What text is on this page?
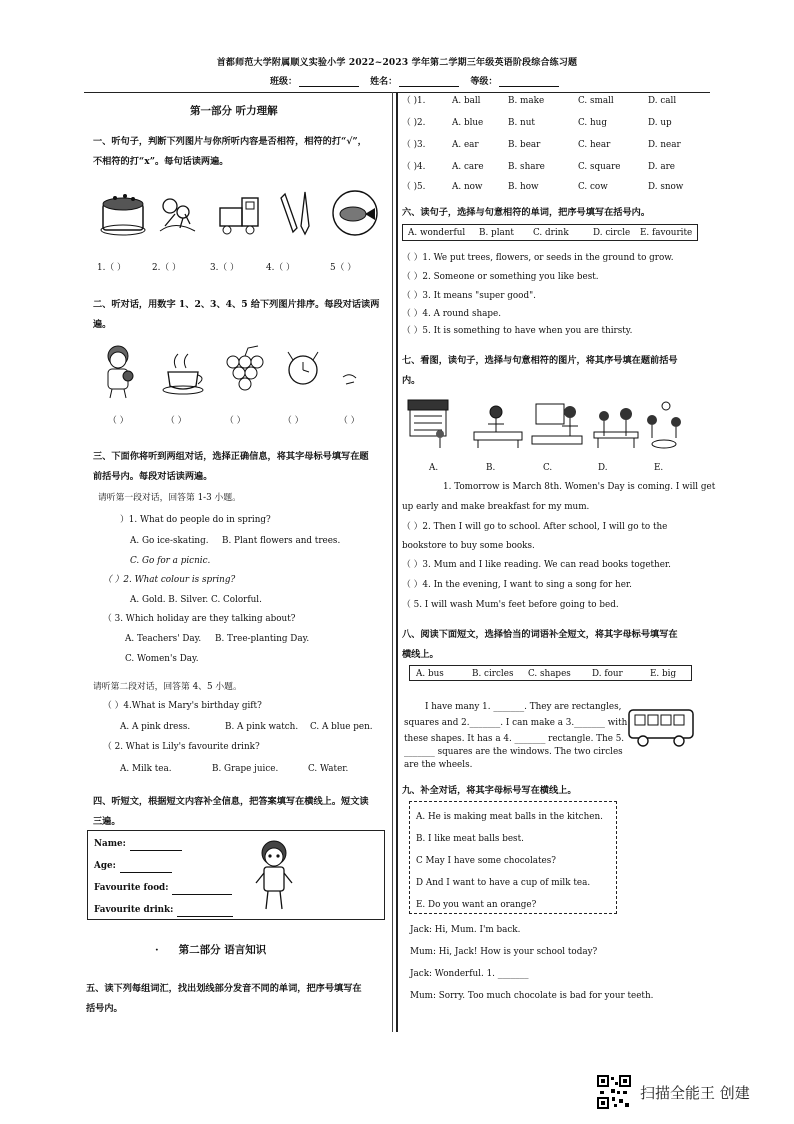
首都师范大学附属顺义实验小学 2022~2023 学年第二学期三年级英语阶段综合练习题
班级：	姓名：	等级：
第一部分 听力理解
一、听句子，判断下列图片与你所听内容是否相符，相符的打“√”，
不相符的打“x”。每句话读两遍。
1.（ ）	2.（ ）	3.（ ）	4.（ ）	5（ ）
二、听对话，用数字 1、2、3、4、5 给下列图片排序。每段对话读两
遍。
（ ）	（ ）	（ ）	（ ）	（ ）
三、下面你将听到两组对话，选择正确信息，将其字母标号填写在题
前括号内。每段对话读两遍。
请听第一段对话，回答第 1-3 小题。
）1. What do people do in spring?
A. Go ice-skating. B. Plant flowers and trees.
C. Go for a picnic.
（ ）2. What colour is spring?
A. Gold. B. Silver. C. Colorful.
（ 3. Which holiday are they talking about?
A. Teachers' Day. B. Tree-planting Day.
C. Women's Day.
请听第二段对话，回答第 4、5 小题。
（ ）4.What is Mary's birthday gift?
A. A pink dress.	B. A pink watch. C. A blue pen.
（ 2. What is Lily's favourite drink?
A. Milk tea.	B. Grape juice.	C. Water.
四、听短文，根据短文内容补全信息，把答案填写在横线上。短文读
三遍。
Name:
Age:
Favourite food:
Favourite drink:
· 第二部分 语言知识
五、读下列每组词汇，找出划线部分发音不同的单词，把序号填写在
括号内。
（ )1.	A. ball	B. make	C. small	D. call
（ )2.	A. blue	B. nut	C. hug	D. up
（ )3.	A. ear	B. bear	C. hear	D. near
（ )4.	A. care	B. share	C. square	D. are
（ )5.	A. now	B. how	C. cow	D. snow
六、读句子，选择与句意相符的单词，把序号填写在括号内。
A. wonderful B. plant C. drink	D. circle E. favourite
（ ）1. We put trees, flowers, or seeds in the ground to grow.
（ ）2. Someone or something you like best.
（ ）3. It means "super good".
（ ）4. A round shape.
（ ）5. It is something to have when you are thirsty.
七、看图，读句子，选择与句意相符的图片，将其序号填在题前括号
内。
A.	B.	C.	D.	E.
1. Tomorrow is March 8th. Women's Day is coming. I will get
up early and make breakfast for my mum.
（ ）2. Then I will go to school. After school, I will go to the
bookstore to buy some books.
（ ）3. Mum and I like reading. We can read books together.
（ ）4. In the evening, I want to sing a song for her.
（ 5. I will wash Mum's feet before going to bed.
八、阅读下面短文，选择恰当的词语补全短文，将其字母标号填写在
横线上。
A. bus	B. circles C. shapes D. four	E. big
I have many 1. _______. They are rectangles,
squares and 2._______. I can make a 3._______ with
these shapes. It has a 4. _______ rectangle. The 5.
_______ squares are the windows. The two circles
are the wheels.
九、补全对话，将其字母标号写在横线上。
A. He is making meat balls in the kitchen.
B. I like meat balls best.
C May I have some chocolates?
D And I want to have a cup of milk tea.
E. Do you want an orange?
Jack: Hi, Mum. I'm back.
Mum: Hi, Jack! How is your school today?
Jack: Wonderful. 1. _______
Mum: Sorry. Too much chocolate is bad for your teeth.
扫描全能王 创建
